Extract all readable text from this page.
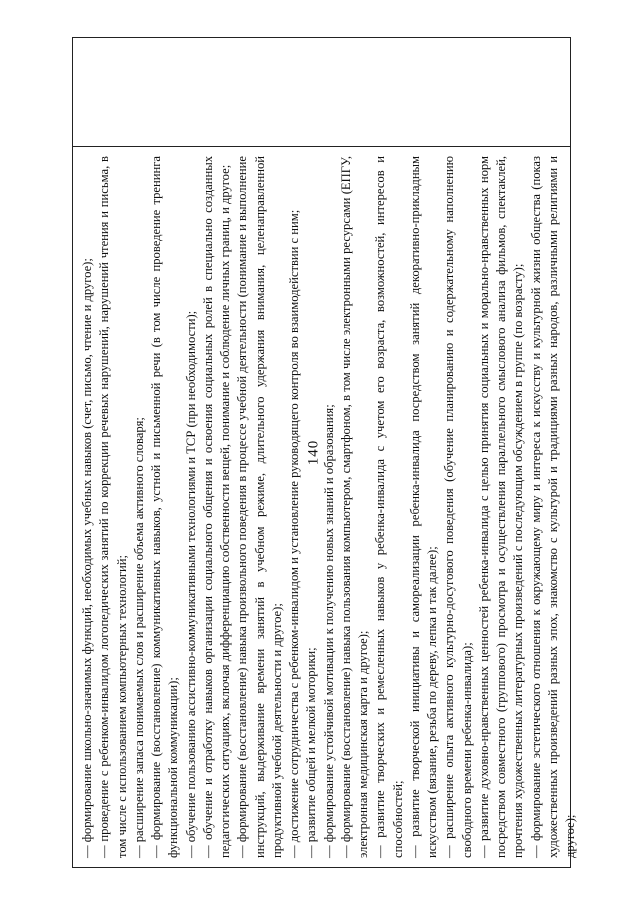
140

— формирование школьно-значимых функций, необходимых учебных навыков (счет, письмо, чтение и другое); — проведение с ребенком-инвалидом логопедических занятий по коррекции речевых нарушений, нарушений чтения и письма, в том числе с использованием компьютерных технологий; — расширение запаса понимаемых слов и расширение объема активного словаря; — формирование (восстановление) коммуникативных навыков, устной и письменной речи (в том числе проведение тренинга функциональной коммуникации); — обучение пользованию ассистивно-коммуникативными технологиями и ТСР (при необходимости); — обучение и отработку навыков организации социального общения и освоения социальных ролей в специально созданных педагогических ситуациях, включая дифференциацию собственности вещей, понимание и соблюдение личных границ, и другое; — формирование (восстановление) навыка произвольного поведения в процессе учебной деятельности (понимание и выполнение инструкций, выдерживание времени занятий в учебном режиме, длительного удержания внимания, целенаправленной продуктивной учебной деятельности и другое); — достижение сотрудничества с ребенком-инвалидом и установление руководящего контроля во взаимодействии с ним; — развитие общей и мелкой моторики; — формирование устойчивой мотивации к получению новых знаний и образования; — формирование (восстановление) навыка пользования компьютером, смартфоном, в том числе электронными ресурсами (ЕПГУ, электронная медицинская карта и другое); — развитие творческих и ремесленных навыков у ребенка-инвалида с учетом его возраста, возможностей, интересов и способностей; — развитие творческой инициативы и самореализации ребенка-инвалида посредством занятий декоративно-прикладным искусством (вязание, резьба по дереву, лепка и так далее); — расширение опыта активного культурно-досугового поведения (обучение планированию и содержательному наполнению свободного времени ребенка-инвалида); — развитие духовно-нравственных ценностей ребенка-инвалида с целью принятия социальных и морально-нравственных норм посредством совместного (группового) просмотра и осуществления параллельного смыслового анализа фильмов, спектаклей, прочтения художественных литературных произведений с последующим обсуждением в группе (по возрасту); — формирование эстетического отношения к окружающему миру и интереса к искусству и культурной жизни общества (показ художественных произведений разных эпох, знакомство с культурой и традициями разных народов, различными религиями и другое);
